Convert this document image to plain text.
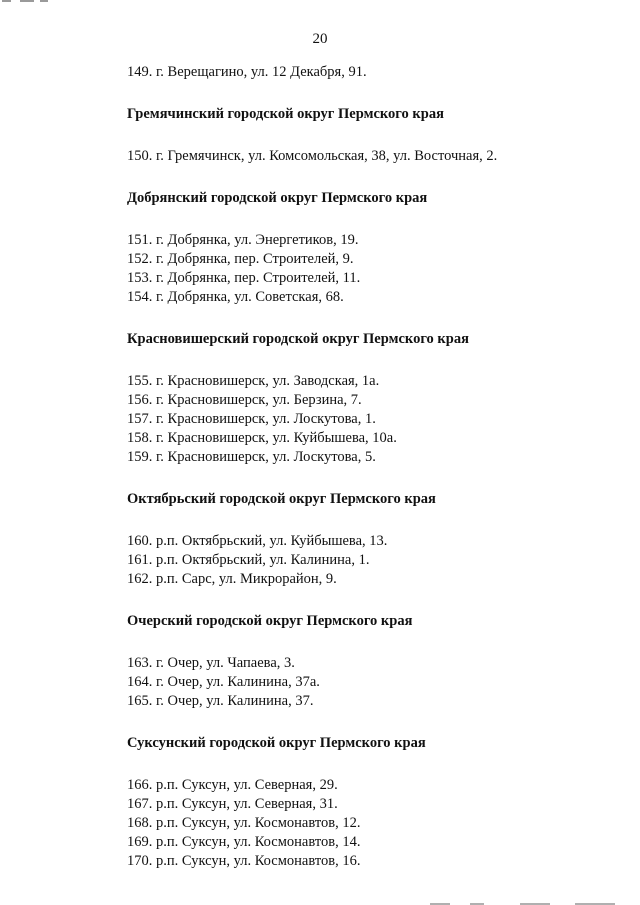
20
149. г. Верещагино, ул. 12 Декабря, 91.
Гремячинский городской округ Пермского края
150. г. Гремячинск, ул. Комсомольская, 38, ул. Восточная, 2.
Добрянский городской округ Пермского края
151. г. Добрянка, ул. Энергетиков, 19.
152. г. Добрянка, пер. Строителей, 9.
153. г. Добрянка, пер. Строителей, 11.
154. г. Добрянка, ул. Советская, 68.
Красновишерский городской округ Пермского края
155. г. Красновишерск, ул. Заводская, 1а.
156. г. Красновишерск, ул. Берзина, 7.
157. г. Красновишерск, ул. Лоскутова, 1.
158. г. Красновишерск, ул. Куйбышева, 10а.
159. г. Красновишерск, ул. Лоскутова, 5.
Октябрьский городской округ Пермского края
160. р.п. Октябрьский, ул. Куйбышева, 13.
161. р.п. Октябрьский, ул. Калинина, 1.
162. р.п. Сарс, ул. Микрорайон, 9.
Очерский городской округ Пермского края
163. г. Очер, ул. Чапаева, 3.
164. г. Очер, ул. Калинина, 37а.
165. г. Очер, ул. Калинина, 37.
Суксунский городской округ Пермского края
166. р.п. Суксун, ул. Северная, 29.
167. р.п. Суксун, ул. Северная, 31.
168. р.п. Суксун, ул. Космонавтов, 12.
169. р.п. Суксун, ул. Космонавтов, 14.
170. р.п. Суксун, ул. Космонавтов, 16.
